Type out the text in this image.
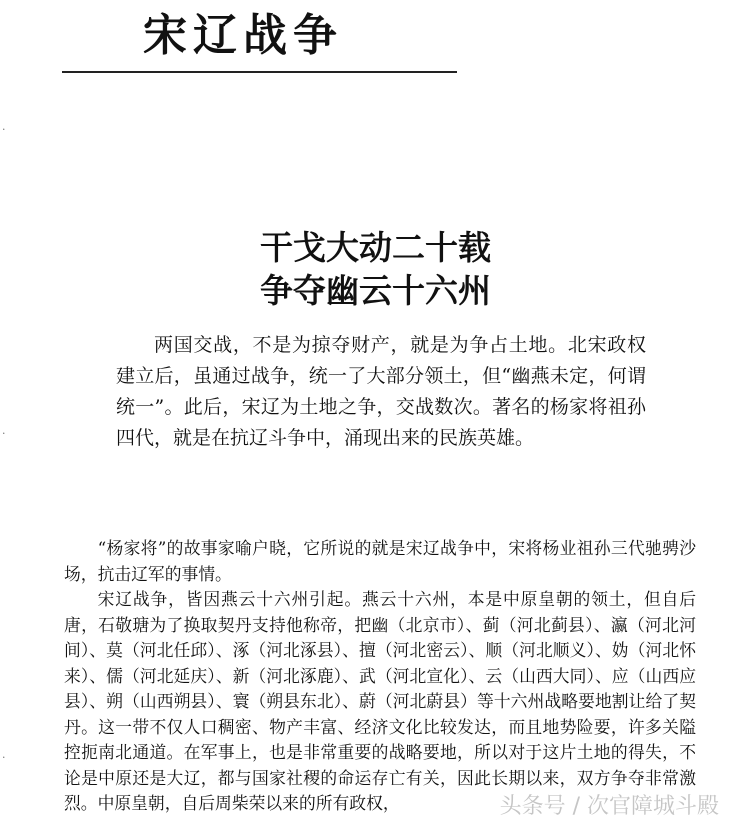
宋辽战争
·
·
·
干戈大动二十载
争夺幽云十六州

两国交战，不是为掠夺财产，就是为争占土地。北宋政权建立后，虽通过战争，统一了大部分领土，但“幽燕未定，何谓统一”。此后，宋辽为土地之争，交战数次。著名的杨家将祖孙四代，就是在抗辽斗争中，涌现出来的民族英雄。

“杨家将”的故事家喻户晓，它所说的就是宋辽战争中，宋将杨业祖孙三代驰骋沙场，抗击辽军的事情。

宋辽战争，皆因燕云十六州引起。燕云十六州，本是中原皇朝的领土，但自后唐，石敬瑭为了换取契丹支持他称帝，把幽（北京市）、蓟（河北蓟县）、瀛（河北河间）、莫（河北任邱）、涿（河北涿县）、擅（河北密云）、顺（河北顺义）、妫（河北怀来）、儒（河北延庆）、新（河北涿鹿）、武（河北宣化）、云（山西大同）、应（山西应县）、朔（山西朔县）、寰（朔县东北）、蔚（河北蔚县）等十六州战略要地割让给了契丹。这一带不仅人口稠密、物产丰富、经济文化比较发达，而且地势险要，许多关隘控扼南北通道。在军事上，也是非常重要的战略要地，所以对于这片土地的得失，不论是中原还是大辽，都与国家社稷的命运存亡有关，因此长期以来，双方争夺非常激烈。中原皇朝，自后周柴荣以来的所有政权，	头条号 / 次官障城斗殿
